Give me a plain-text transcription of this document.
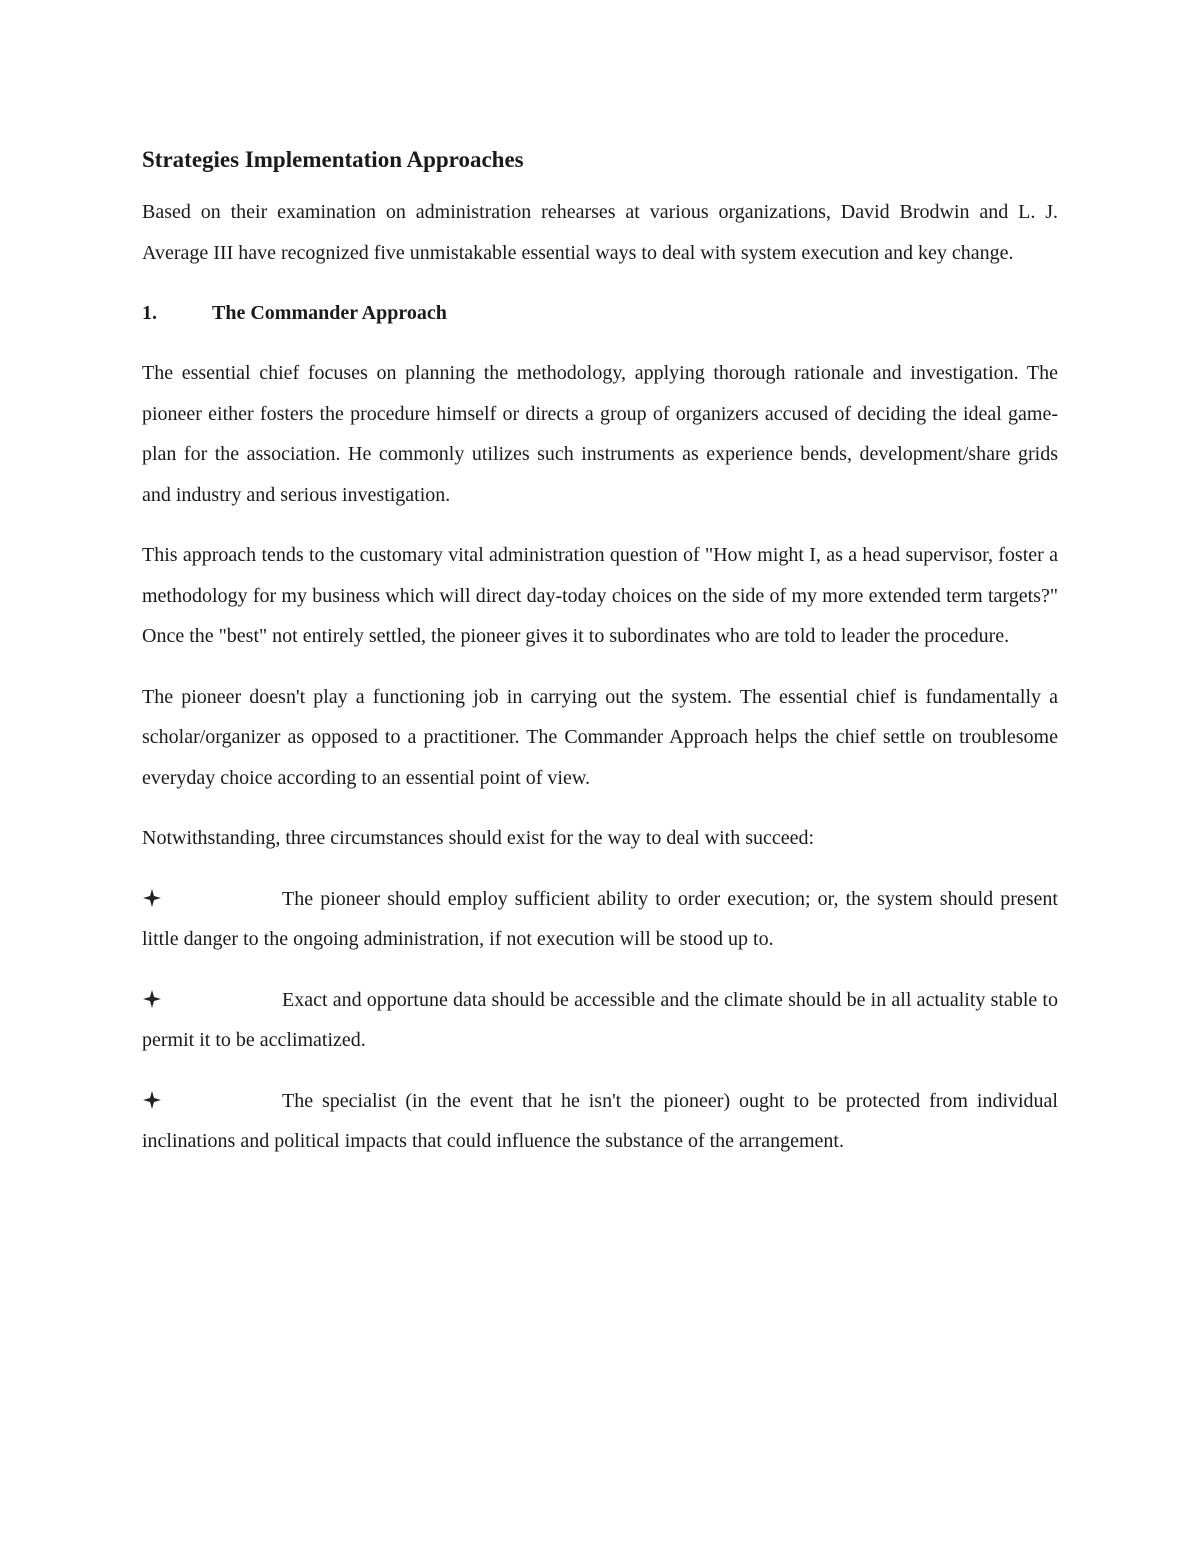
Strategies Implementation Approaches

Based on their examination on administration rehearses at various organizations, David Brodwin and L. J. Average III have recognized five unmistakable essential ways to deal with system execution and key change.

1.	The Commander Approach

The essential chief focuses on planning the methodology, applying thorough rationale and investigation. The pioneer either fosters the procedure himself or directs a group of organizers accused of deciding the ideal game-plan for the association. He commonly utilizes such instruments as experience bends, development/share grids and industry and serious investigation.

This approach tends to the customary vital administration question of "How might I, as a head supervisor, foster a methodology for my business which will direct day-today choices on the side of my more extended term targets?" Once the "best" not entirely settled, the pioneer gives it to subordinates who are told to leader the procedure.

The pioneer doesn't play a functioning job in carrying out the system. The essential chief is fundamentally a scholar/organizer as opposed to a practitioner. The Commander Approach helps the chief settle on troublesome everyday choice according to an essential point of view.

Notwithstanding, three circumstances should exist for the way to deal with succeed:

The pioneer should employ sufficient ability to order execution; or, the system should present little danger to the ongoing administration, if not execution will be stood up to.
Exact and opportune data should be accessible and the climate should be in all actuality stable to permit it to be acclimatized.
The specialist (in the event that he isn't the pioneer) ought to be protected from individual inclinations and political impacts that could influence the substance of the arrangement.
